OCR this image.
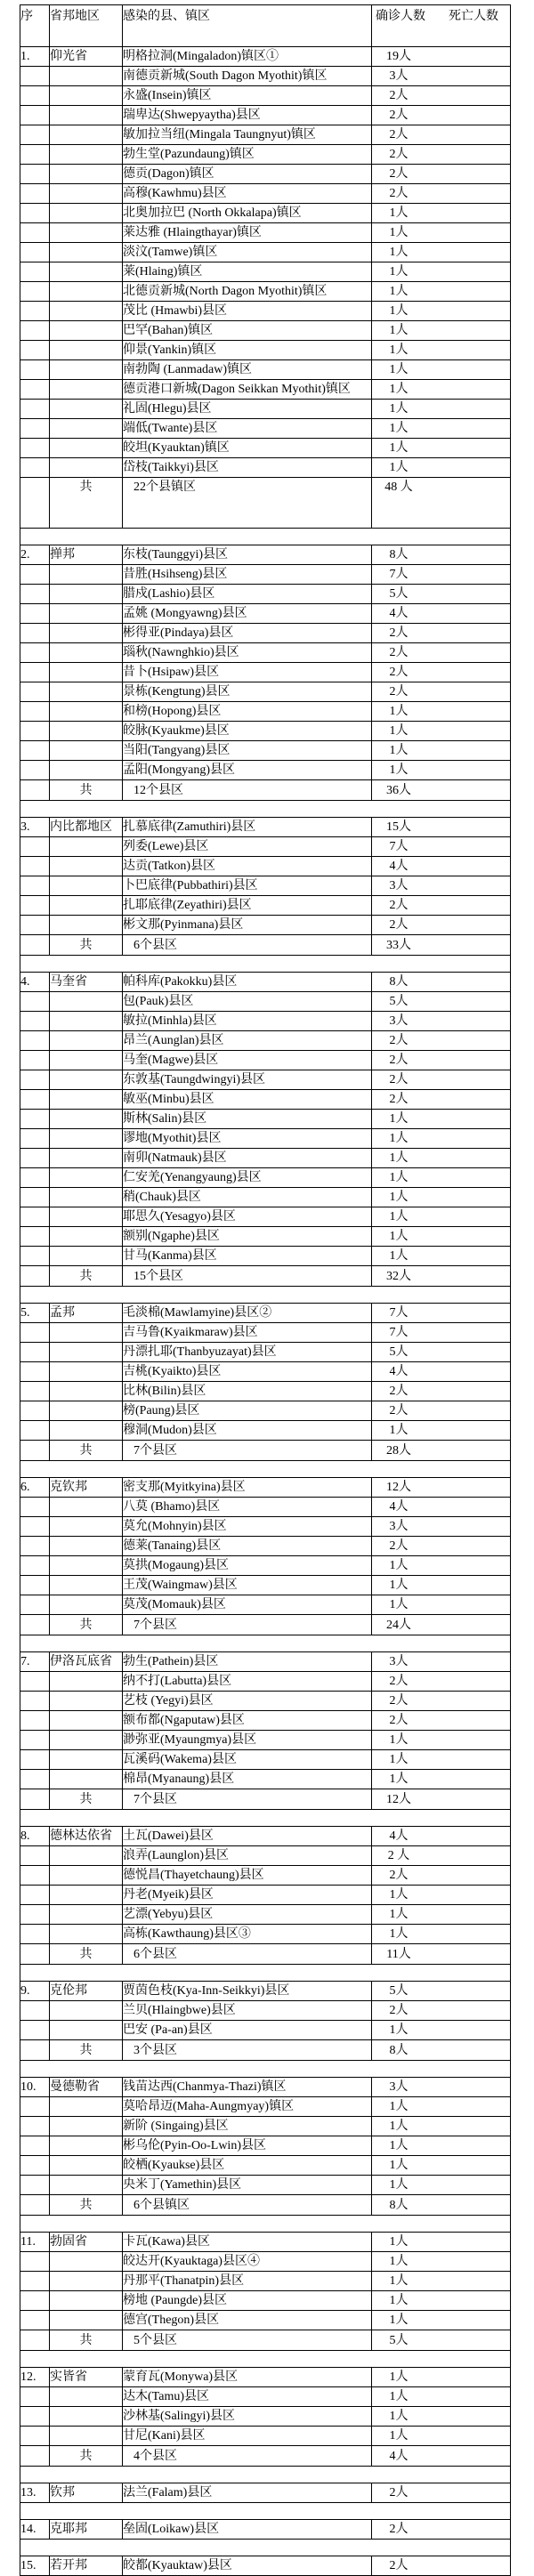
序	省邦地区	感染的县、镇区	确诊人数 死亡人数
1.	仰光省	明格拉洞(Mingaladon)镇区①	19人
		南德贡新城(South Dagon Myothit)镇区	3人
		永盛(Insein)镇区	2人
		瑞卑达(Shwepyaytha)县区	2人
		敏加拉当纽(Mingala Taungnyut)镇区	2人
		勃生堂(Pazundaung)镇区	2人
		德贡(Dagon)镇区	2人
		高穆(Kawhmu)县区	2人
		北奥加拉巴 (North Okkalapa)镇区	1人
		莱达雅 (Hlaingthayar)镇区	1人
		淡汶(Tamwe)镇区	1人
		莱(Hlaing)镇区	1人
		北德贡新城(North Dagon Myothit)镇区	1人
		茂比 (Hmawbi)县区	1人
		巴罕(Bahan)镇区	1人
		仰景(Yankin)镇区	1人
		南勃陶 (Lanmadaw)镇区	1人
		德贡港口新城(Dagon Seikkan Myothit)镇区	1人
		礼固(Hlegu)县区	1人
		端低(Twante)县区	1人
		皎坦(Kyauktan)镇区	1人
		岱枝(Taikkyi)县区	1人
	共	22个县镇区	48 人

2.	掸邦	东枝(Taunggyi)县区	8人
		昔胜(Hsihseng)县区	7人
		腊戍(Lashio)县区	5人
		孟姚 (Mongyawng)县区	4人
		彬得亚(Pindaya)县区	2人
		瑙秋(Nawnghkio)县区	2人
		昔卜(Hsipaw)县区	2人
		景栋(Kengtung)县区	2人
		和榜(Hopong)县区	1人
		皎脉(Kyaukme)县区	1人
		当阳(Tangyang)县区	1人
		孟阳(Mongyang)县区	1人
	共	12个县区	36人

3.	内比都地区	扎慕底律(Zamuthiri)县区	15人
		列委(Lewe)县区	7人
		达贡(Tatkon)县区	4人
		卜巴底律(Pubbathiri)县区	3人
		扎耶底律(Zeyathiri)县区	2人
		彬文那(Pyinmana)县区	2人
	共	6个县区	33人

4.	马奎省	帕科库(Pakokku)县区	8人
		包(Pauk)县区	5人
		敏拉(Minhla)县区	3人
		昂兰(Aunglan)县区	2人
		马奎(Magwe)县区	2人
		东敦基(Taungdwingyi)县区	2人
		敏巫(Minbu)县区	2人
		斯林(Salin)县区	1人
		谬地(Myothit)县区	1人
		南卯(Natmauk)县区	1人
		仁安羌(Yenangyaung)县区	1人
		稍(Chauk)县区	1人
		耶思久(Yesagyo)县区	1人
		额别(Ngaphe)县区	1人
		甘马(Kanma)县区	1人
	共	15个县区	32人

5.	孟邦	毛淡棉(Mawlamyine)县区②	7人
		吉马鲁(Kyaikmaraw)县区	7人
		丹漂扎耶(Thanbyuzayat)县区	5人
		吉桃(Kyaikto)县区	4人
		比林(Bilin)县区	2人
		榜(Paung)县区	2人
		穆洞(Mudon)县区	1人
	共	7个县区	28人

6.	克钦邦	密支那(Myitkyina)县区	12人
		八莫 (Bhamo)县区	4人
		莫允(Mohnyin)县区	3人
		德莱(Tanaing)县区	2人
		莫拱(Mogaung)县区	1人
		王茂(Waingmaw)县区	1人
		莫茂(Momauk)县区	1人
	共	7个县区	24人

7.	伊洛瓦底省	勃生(Pathein)县区	3人
		纳不打(Labutta)县区	2人
		艺枝 (Yegyi)县区	2人
		额布都(Ngaputaw)县区	2人
		渺弥亚(Myaungmya)县区	1人
		瓦溪码(Wakema)县区	1人
		棉昂(Myanaung)县区	1人
	共	7个县区	12人

8.	德林达依省	土瓦(Dawei)县区	4人
		浪弄(Launglon)县区	2 人
		德悦昌(Thayetchaung)县区	2人
		丹老(Myeik)县区	1人
		艺漂(Yebyu)县区	1人
		高栋(Kawthaung)县区③	1人
	共	6个县区	11人

9.	克伦邦	贾茵色枝(Kya-Inn-Seikkyi)县区	5人
		兰贝(Hlaingbwe)县区	2人
		巴安 (Pa-an)县区	1人
	共	3个县区	8人

10.	曼德勒省	钱苗达西(Chanmya-Thazi)镇区	3人
		莫哈昂迈(Maha-Aungmyay)镇区	1人
		新阶 (Singaing)县区	1人
		彬乌伦(Pyin-Oo-Lwin)县区	1人
		皎栖(Kyaukse)县区	1人
		央米丁(Yamethin)县区	1人
	共	6个县镇区	8人

11.	勃固省	卡瓦(Kawa)县区	1人
		皎达开(Kyauktaga)县区④	1人
		丹那平(Thanatpin)县区	1人
		榜地 (Paungde)县区	1人
		德宫(Thegon)县区	1人
	共	5个县区	5人

12.	实皆省	蒙育瓦(Monywa)县区	1人
		达木(Tamu)县区	1人
		沙林基(Salingyi)县区	1人
		甘尼(Kani)县区	1人
	共	4个县区	4人

13.	钦邦	法兰(Falam)县区	2人

14.	克耶邦	垒固(Loikaw)县区	2人

15.	若开邦	皎都(Kyauktaw)县区	2人
